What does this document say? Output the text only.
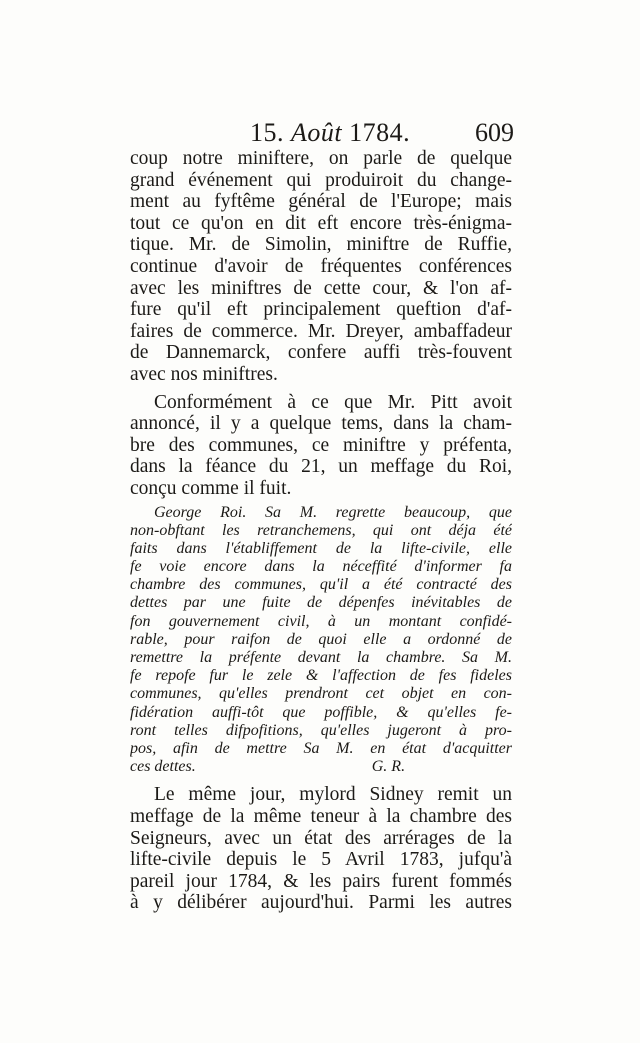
15. Août 1784. 609
coup notre miniftere, on parle de quelque
grand événement qui produiroit du change-
ment au fyftême général de l'Europe; mais
tout ce qu'on en dit eft encore très-énigma-
tique. Mr. de Simolin, miniftre de Ruffie,
continue d'avoir de fréquentes conférences
avec les miniftres de cette cour, & l'on af-
fure qu'il eft principalement queftion d'af-
faires de commerce. Mr. Dreyer, ambaffadeur
de Dannemarck, confere auffi très-fouvent
avec nos miniftres.
Conformément à ce que Mr. Pitt avoit
annoncé, il y a quelque tems, dans la cham-
bre des communes, ce miniftre y préfenta,
dans la féance du 21, un meffage du Roi,
conçu comme il fuit.
George Roi. Sa M. regrette beaucoup, que
non-obftant les retranchemens, qui ont déja été
faits dans l'établiffement de la lifte-civile, elle
fe voie encore dans la néceffité d'informer fa
chambre des communes, qu'il a été contracté des
dettes par une fuite de dépenfes inévitables de
fon gouvernement civil, à un montant confidé-
rable, pour raifon de quoi elle a ordonné de
remettre la préfente devant la chambre. Sa M.
fe repofe fur le zele & l'affection de fes fideles
communes, qu'elles prendront cet objet en con-
fidération auffi-tôt que poffible, & qu'elles fe-
ront telles difpofitions, qu'elles jugeront à pro-
pos, afin de mettre Sa M. en état d'acquitter
ces dettes.                                            G. R.
Le même jour, mylord Sidney remit un
meffage de la même teneur à la chambre des
Seigneurs, avec un état des arrérages de la
lifte-civile depuis le 5 Avril 1783, jufqu'à
pareil jour 1784, & les pairs furent fommés
à y délibérer aujourd'hui. Parmi les autres
